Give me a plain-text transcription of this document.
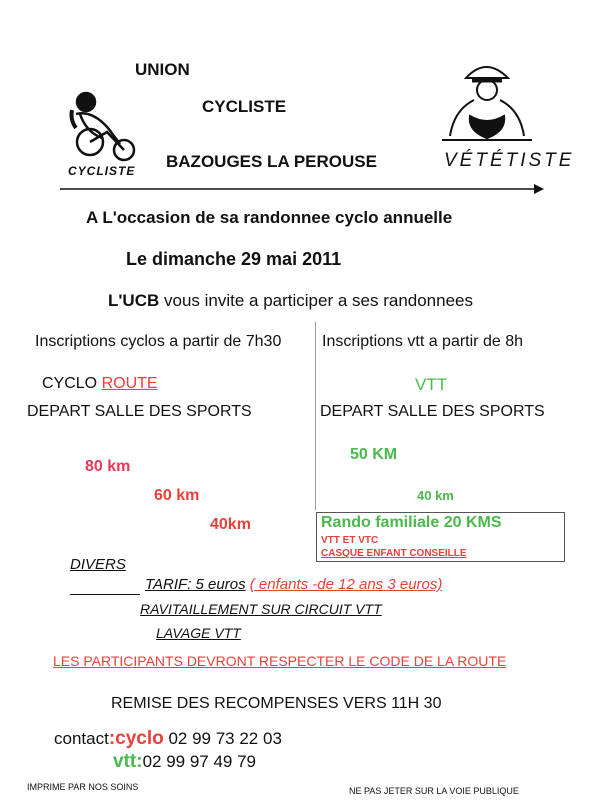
UNION
CYCLISTE
BAZOUGES LA PEROUSE
CYCLISTE	VÉTÉTISTE
A L'occasion de sa randonnee cyclo annuelle
Le dimanche 29 mai 2011
L'UCB vous invite a participer a ses randonnees
Inscriptions cyclos a partir de 7h30
CYCLO ROUTE
DEPART SALLE DES SPORTS
80 km
60 km
40km
Inscriptions vtt a partir de 8h
VTT
DEPART SALLE DES SPORTS
50 KM
40 km
Rando familiale 20 KMS
VTT ET VTC
CASQUE ENFANT CONSEILLE
DIVERS
TARIF: 5 euros ( enfants -de 12 ans 3 euros)
RAVITAILLEMENT SUR CIRCUIT VTT
LAVAGE VTT
LES PARTICIPANTS DEVRONT RESPECTER LE CODE DE LA ROUTE
REMISE DES RECOMPENSES VERS 11H 30
contact:cyclo 02 99 73 22 03
vtt:02 99 97 49 79
IMPRIME PAR NOS SOINS	NE PAS JETER SUR LA VOIE PUBLIQUE
